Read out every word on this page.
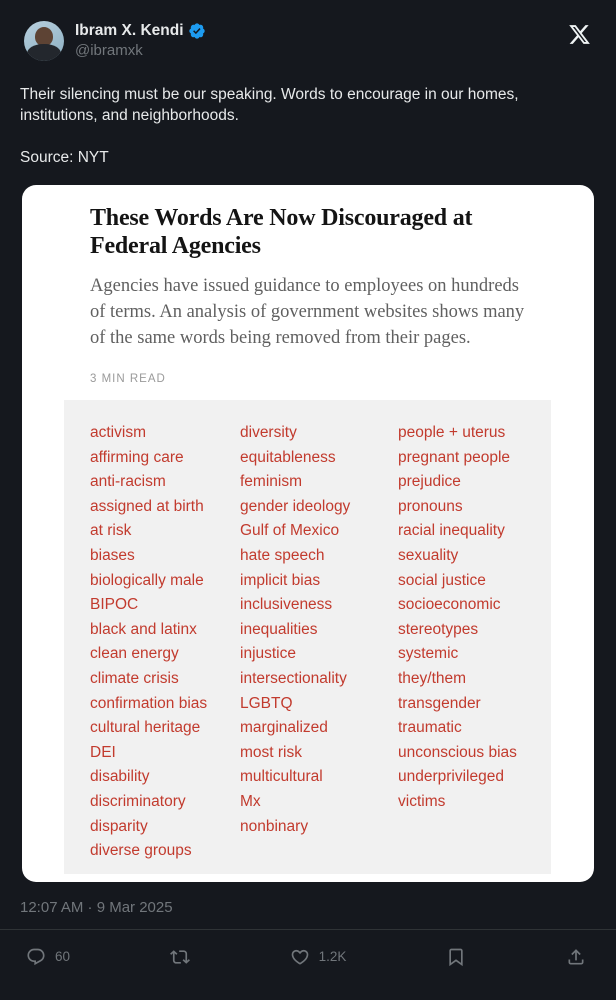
Ibram X. Kendi
@ibramxk

Their silencing must be our speaking. Words to encourage in our homes, institutions, and neighborhoods.

Source: NYT

These Words Are Now Discouraged at Federal Agencies

Agencies have issued guidance to employees on hundreds of terms. An analysis of government websites shows many of the same words being removed from their pages.

3 MIN READ
activism
affirming care
anti-racism
assigned at birth
at risk
biases
biologically male
BIPOC
black and latinx
clean energy
climate crisis
confirmation bias
cultural heritage
DEI
disability
discriminatory
disparity
diverse groups
diversity
equitableness
feminism
gender ideology
Gulf of Mexico
hate speech
implicit bias
inclusiveness
inequalities
injustice
intersectionality
LGBTQ
marginalized
most risk
multicultural
Mx
nonbinary
people + uterus
pregnant people
prejudice
pronouns
racial inequality
sexuality
social justice
socioeconomic
stereotypes
systemic
they/them
transgender
traumatic
unconscious bias
underprivileged
victims
12:07 AM · 9 Mar 2025
60	1.2K
